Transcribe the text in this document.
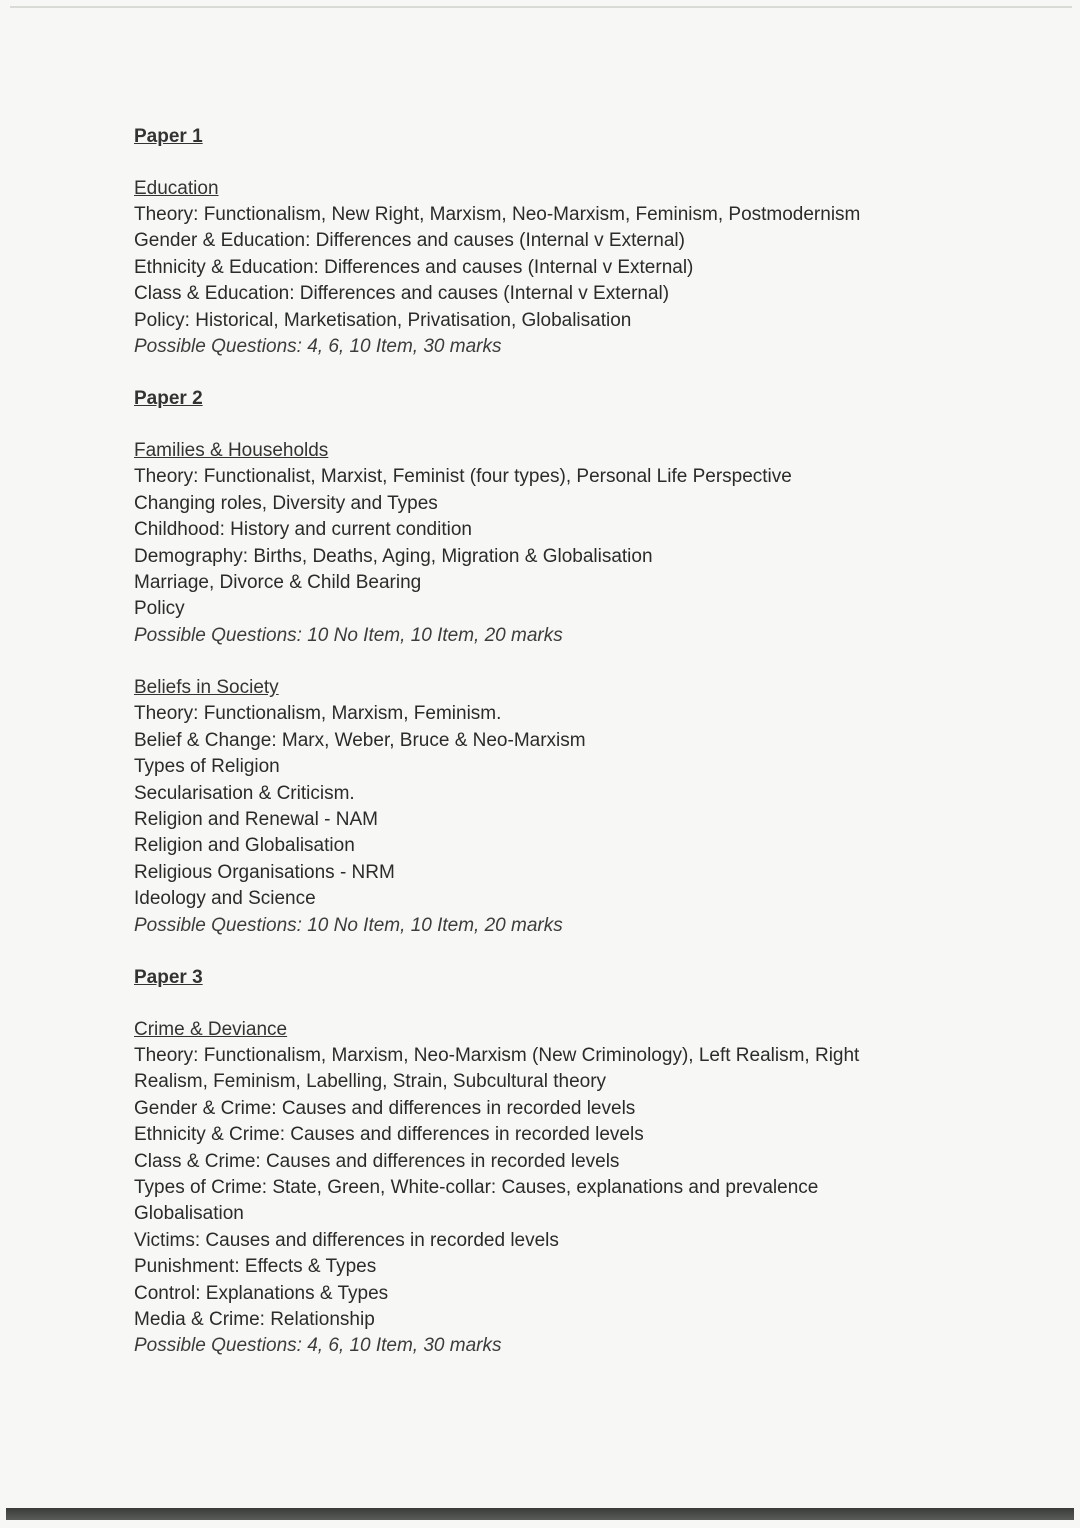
Paper 1

Education

Theory: Functionalism, New Right, Marxism, Neo-Marxism, Feminism, Postmodernism

Gender & Education: Differences and causes (Internal v External)

Ethnicity & Education: Differences and causes (Internal v External)

Class & Education: Differences and causes (Internal v External)

Policy: Historical, Marketisation, Privatisation, Globalisation

Possible Questions: 4, 6, 10 Item, 30 marks

Paper 2

Families & Households

Theory: Functionalist, Marxist, Feminist (four types), Personal Life Perspective

Changing roles, Diversity and Types

Childhood: History and current condition

Demography: Births, Deaths, Aging, Migration & Globalisation

Marriage, Divorce & Child Bearing

Policy

Possible Questions: 10 No Item, 10 Item, 20 marks

Beliefs in Society

Theory: Functionalism, Marxism, Feminism.

Belief & Change: Marx, Weber, Bruce & Neo-Marxism

Types of Religion

Secularisation & Criticism.

Religion and Renewal - NAM

Religion and Globalisation

Religious Organisations - NRM

Ideology and Science

Possible Questions: 10 No Item, 10 Item, 20 marks

Paper 3

Crime & Deviance

Theory: Functionalism, Marxism, Neo-Marxism (New Criminology), Left Realism, Right Realism, Feminism, Labelling, Strain, Subcultural theory

Gender & Crime: Causes and differences in recorded levels

Ethnicity & Crime: Causes and differences in recorded levels

Class & Crime: Causes and differences in recorded levels

Types of Crime: State, Green, White-collar: Causes, explanations and prevalence

Globalisation

Victims: Causes and differences in recorded levels

Punishment: Effects & Types

Control: Explanations & Types

Media & Crime: Relationship

Possible Questions: 4, 6, 10 Item, 30 marks
